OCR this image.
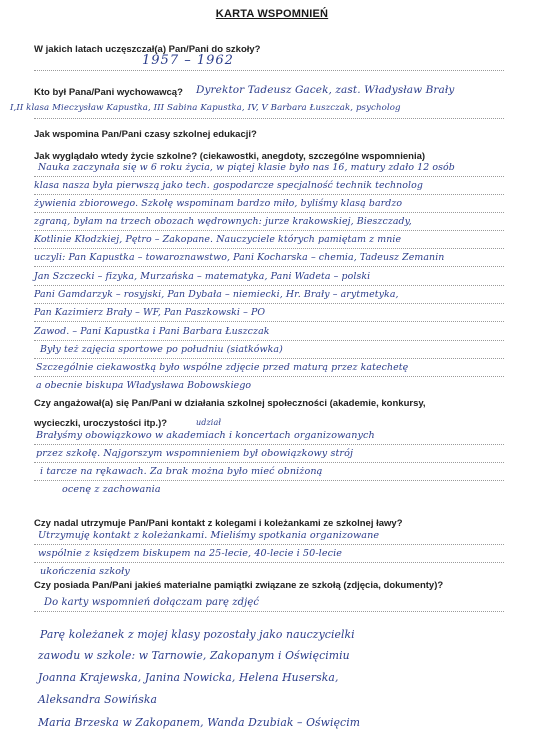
KARTA WSPOMNIEŃ
W jakich latach uczęszczał(a) Pan/Pani do szkoły?
1957 – 1962
Kto był Pana/Pani wychowawcą? Dyrektor Tadeusz Gacek, zast. Władysław Brały
I,II klasa Mieczysław Kapustka, III Sabina Kapustka, IV, V Barbara Łuszczak, psycholog
Jak wspomina Pan/Pani czasy szkolnej edukacji?
Jak wyglądało wtedy życie szkolne? (ciekawostki, anegdoty, szczególne wspomnienia)
Nauka zaczynała się w 6 roku życia, w piątej klasie było nas 16, matury zdało 12 osób
klasa nasza była pierwszą jako tech. gospodarcze specjalność technik technolog
żywienia zbiorowego. Szkołę wspominam bardzo miło, byliśmy klasą bardzo
zgraną, byłam na trzech obozach wędrownych: jurze krakowskiej, Bieszczady,
Kotlinie Kłodzkiej, Pętro – Zakopane. Nauczyciele których pamiętam z mnie
uczyli: Pan Kapustka – towaroznawstwo, Pani Kocharska – chemia, Tadeusz Zemanin
Jan Szczecki – fizyka, Murzańska – matematyka, Pani Wadeta – polski
Pani Gamdarzyk – rosyjski, Pan Dybała – niemiecki, Hr. Brały – arytmetyka,
Pan Kazimierz Brały – WF, Pan Paszkowski – PO
Zawod. – Pani Kapustka i Pani Barbara Łuszczak
Były też zajęcia sportowe po południu (siatkówka)
Szczególnie ciekawostką było wspólne zdjęcie przed maturą przez katechetę
a obecnie biskupa Władysława Bobowskiego
Czy angażował(a) się Pan/Pani w działania szkolnej społeczności (akademie, konkursy,
wycieczki, uroczystości itp.)?	udział
Brałyśmy obowiązkowo w akademiach i koncertach organizowanych
przez szkołę. Najgorszym wspomnieniem był obowiązkowy strój
i tarcze na rękawach. Za brak można było mieć obniżoną
ocenę z zachowania
Czy nadal utrzymuje Pan/Pani kontakt z kolegami i koleżankami ze szkolnej ławy?
Utrzymuję kontakt z koleżankami. Mieliśmy spotkania organizowane
wspólnie z księdzem biskupem na 25-lecie, 40-lecie i 50-lecie
ukończenia szkoły
Czy posiada Pan/Pani jakieś materialne pamiątki związane ze szkołą (zdjęcia, dokumenty)?
Do karty wspomnień dołączam parę zdjęć
Parę koleżanek z mojej klasy pozostały jako nauczycielki
zawodu w szkole: w Tarnowie, Zakopanym i Oświęcimiu
Joanna Krajewska, Janina Nowicka, Helena Huserska,
Aleksandra Sowińska
Maria Brzeska w Zakopanem, Wanda Dzubiak – Oświęcim
